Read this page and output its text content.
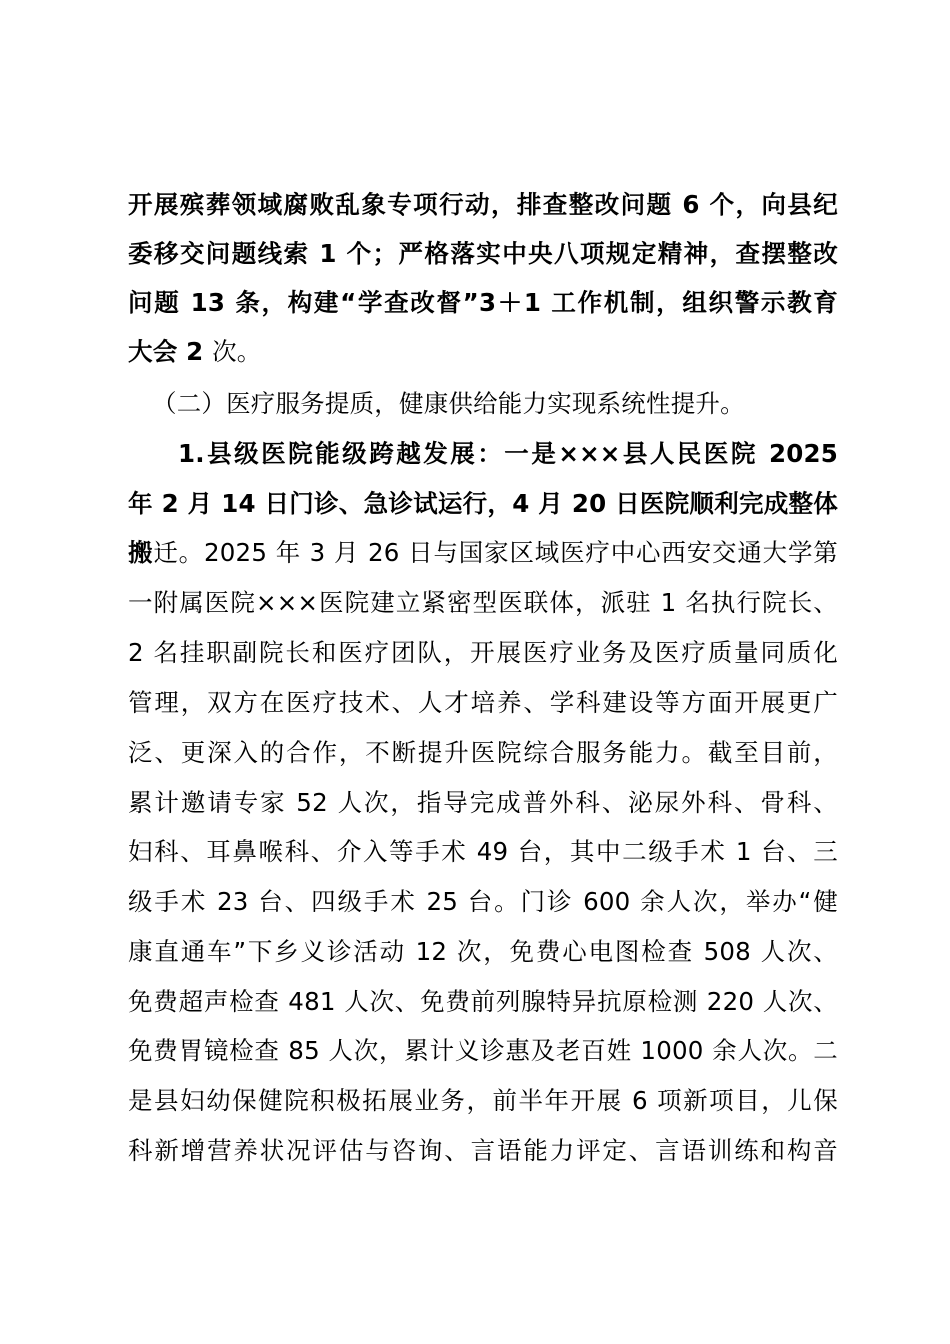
开展殡葬领域腐败乱象专项行动，排查整改问题 6 个，向县纪
委移交问题线索 1 个；严格落实中央八项规定精神，查摆整改
问题 13 条，构建“学查改督”3＋1 工作机制，组织警示教育
大会 2 次。
（二）医疗服务提质，健康供给能力实现系统性提升。
1.县级医院能级跨越发展：一是×××县人民医院 2025
年 2 月 14 日门诊、急诊试运行，4 月 20 日医院顺利完成整体
搬迁。2025 年 3 月 26 日与国家区域医疗中心西安交通大学第
一附属医院×××医院建立紧密型医联体，派驻 1 名执行院长、
2 名挂职副院长和医疗团队，开展医疗业务及医疗质量同质化
管理，双方在医疗技术、人才培养、学科建设等方面开展更广
泛、更深入的合作，不断提升医院综合服务能力。截至目前，
累计邀请专家 52 人次，指导完成普外科、泌尿外科、骨科、
妇科、耳鼻喉科、介入等手术 49 台，其中二级手术 1 台、三
级手术 23 台、四级手术 25 台。门诊 600 余人次，举办“健
康直通车”下乡义诊活动 12 次，免费心电图检查 508 人次、
免费超声检查 481 人次、免费前列腺特异抗原检测 220 人次、
免费胃镜检查 85 人次，累计义诊惠及老百姓 1000 余人次。二
是县妇幼保健院积极拓展业务，前半年开展 6 项新项目，儿保
科新增营养状况评估与咨询、言语能力评定、言语训练和构音
